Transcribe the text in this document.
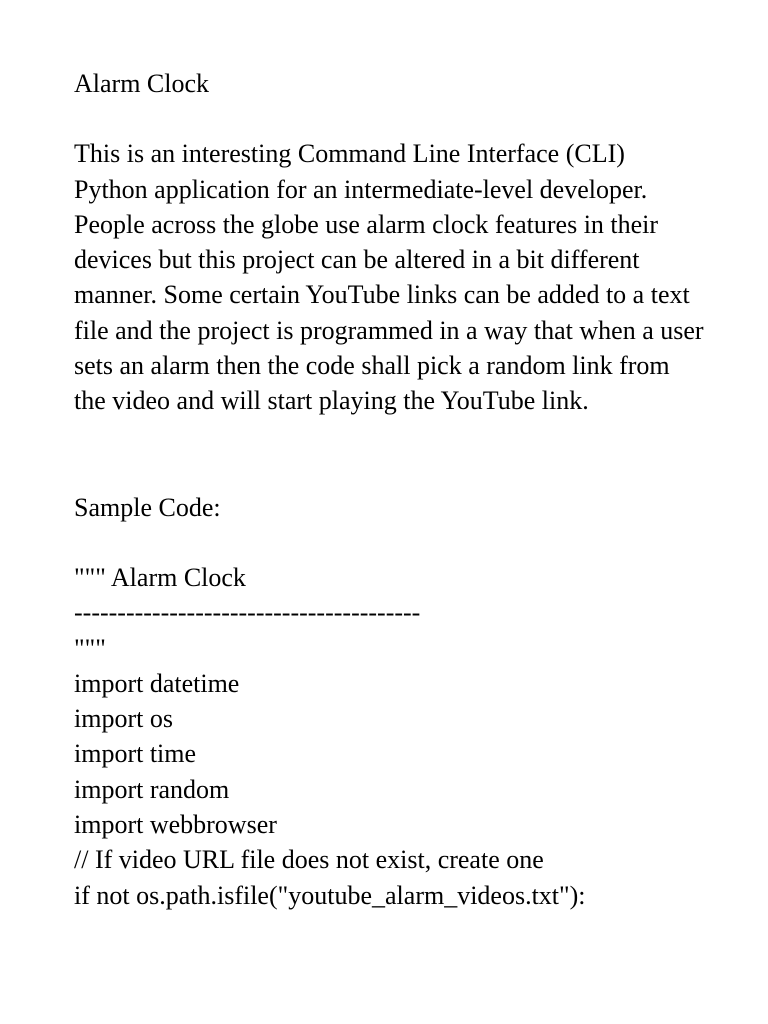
Alarm Clock

This is an interesting Command Line Interface (CLI) Python application for an intermediate-level developer. People across the globe use alarm clock features in their devices but this project can be altered in a bit different manner. Some certain YouTube links can be added to a text file and the project is programmed in a way that when a user sets an alarm then the code shall pick a random link from the video and will start playing the YouTube link.

Sample Code:

""" Alarm Clock
----------------------------------------
"""
import datetime
import os
import time
import random
import webbrowser
// If video URL file does not exist, create one
if not os.path.isfile("youtube_alarm_videos.txt"):
